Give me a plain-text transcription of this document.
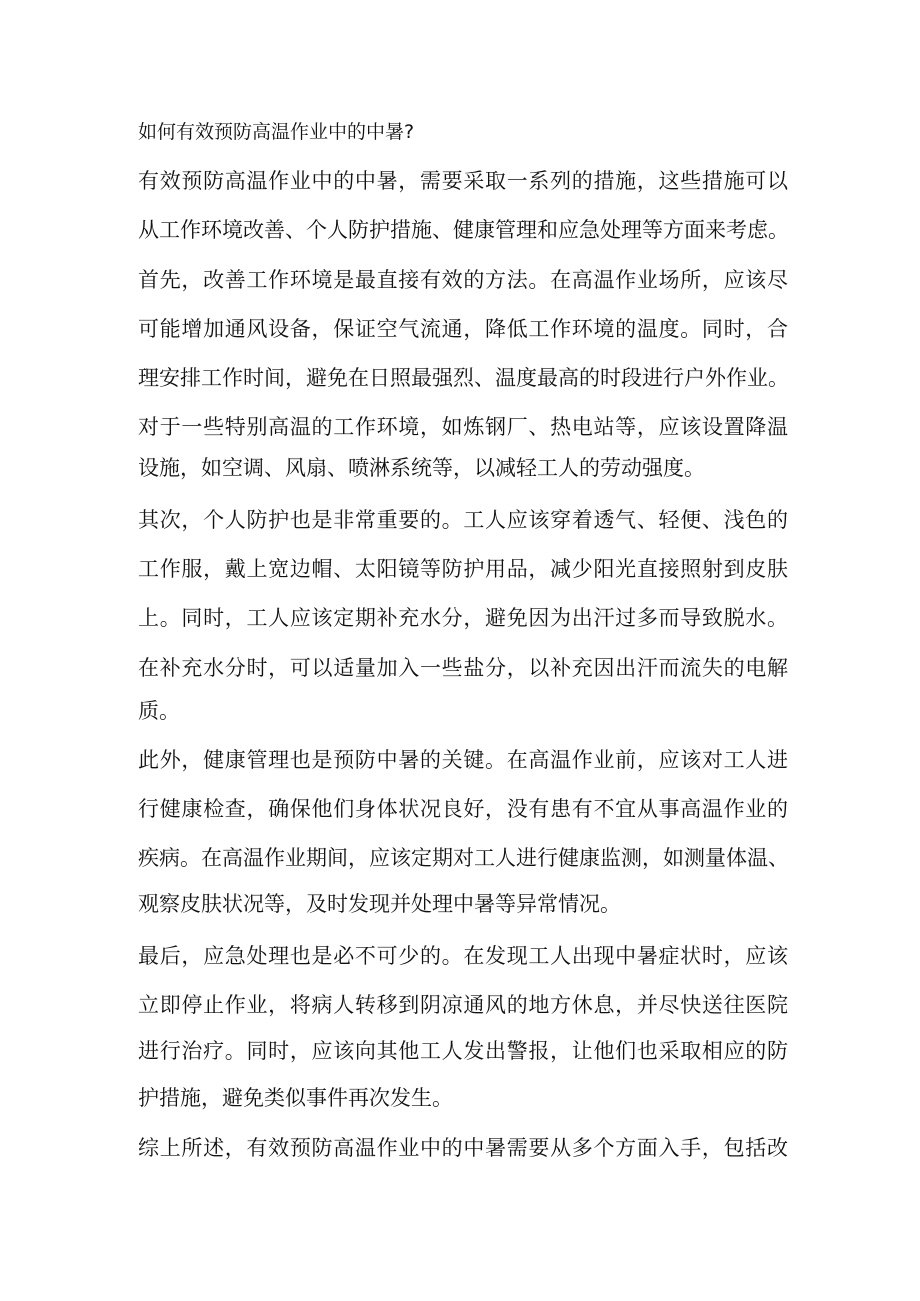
如何有效预防高温作业中的中暑?
有效预防高温作业中的中暑，需要采取一系列的措施，这些措施可以
从工作环境改善、个人防护措施、健康管理和应急处理等方面来考虑。
首先，改善工作环境是最直接有效的方法。在高温作业场所，应该尽
可能增加通风设备，保证空气流通，降低工作环境的温度。同时，合
理安排工作时间，避免在日照最强烈、温度最高的时段进行户外作业。
对于一些特别高温的工作环境，如炼钢厂、热电站等，应该设置降温
设施，如空调、风扇、喷淋系统等，以减轻工人的劳动强度。
其次，个人防护也是非常重要的。工人应该穿着透气、轻便、浅色的
工作服，戴上宽边帽、太阳镜等防护用品，减少阳光直接照射到皮肤
上。同时，工人应该定期补充水分，避免因为出汗过多而导致脱水。
在补充水分时，可以适量加入一些盐分，以补充因出汗而流失的电解
质。
此外，健康管理也是预防中暑的关键。在高温作业前，应该对工人进
行健康检查，确保他们身体状况良好，没有患有不宜从事高温作业的
疾病。在高温作业期间，应该定期对工人进行健康监测，如测量体温、
观察皮肤状况等，及时发现并处理中暑等异常情况。
最后，应急处理也是必不可少的。在发现工人出现中暑症状时，应该
立即停止作业，将病人转移到阴凉通风的地方休息，并尽快送往医院
进行治疗。同时，应该向其他工人发出警报，让他们也采取相应的防
护措施，避免类似事件再次发生。
综上所述，有效预防高温作业中的中暑需要从多个方面入手，包括改
